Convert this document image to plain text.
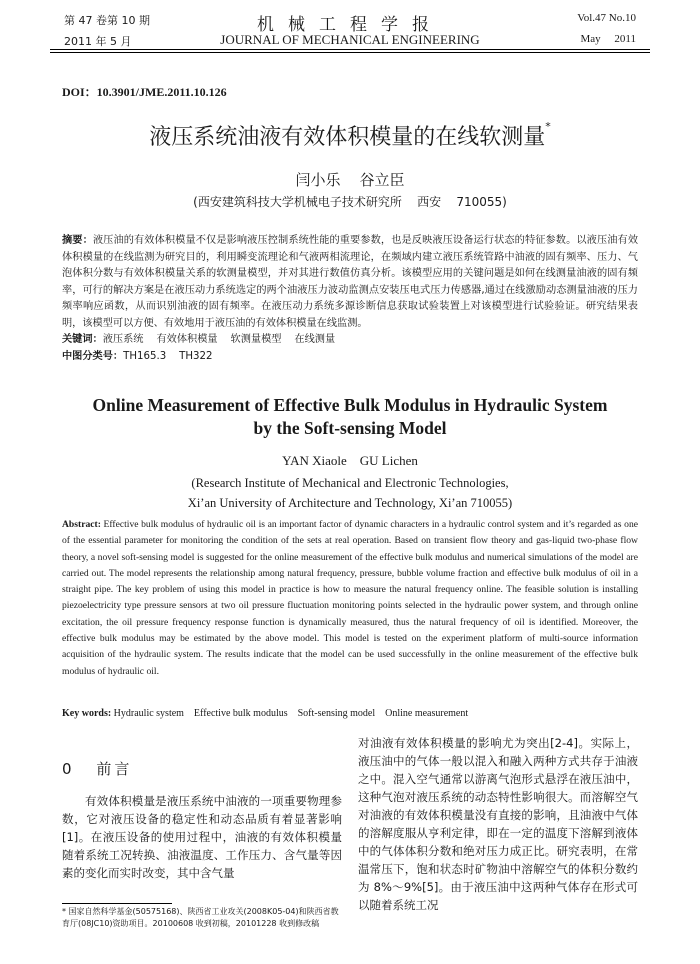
第 47 卷第 10 期
2011 年 5 月
机械工程学报
JOURNAL OF MECHANICAL ENGINEERING
Vol.47 No.10
May     2011
DOI：10.3901/JME.2011.10.126
液压系统油液有效体积模量的在线软测量*
闫小乐    谷立臣
(西安建筑科技大学机械电子技术研究所    西安    710055)
摘要：液压油的有效体积模量不仅是影响液压控制系统性能的重要参数，也是反映液压设备运行状态的特征参数。以液压油有效体积模量的在线监测为研究目的，利用瞬变流理论和气液两相流理论，在频域内建立液压系统管路中油液的固有频率、压力、气泡体积分数与有效体积模量关系的软测量模型，并对其进行数值仿真分析。该模型应用的关键问题是如何在线测量油液的固有频率，可行的解决方案是在液压动力系统选定的两个油液压力波动监测点安装压电式压力传感器,通过在线激励动态测量油液的压力频率响应函数，从而识别油液的固有频率。在液压动力系统多源诊断信息获取试验装置上对该模型进行试验验证。研究结果表明，该模型可以方便、有效地用于液压油的有效体积模量在线监测。
关键词：液压系统    有效体积模量    软测量模型    在线测量
中图分类号：TH165.3    TH322
Online Measurement of Effective Bulk Modulus in Hydraulic System
by the Soft-sensing Model
YAN Xiaole    GU Lichen
(Research Institute of Mechanical and Electronic Technologies,
Xi’an University of Architecture and Technology, Xi’an 710055)
Abstract: Effective bulk modulus of hydraulic oil is an important factor of dynamic characters in a hydraulic control system and it’s regarded as one of the essential parameter for monitoring the condition of the sets at real operation. Based on transient flow theory and gas-liquid two-phase flow theory, a novel soft-sensing model is suggested for the online measurement of the effective bulk modulus and numerical simulations of the model are carried out. The model represents the relationship among natural frequency, pressure, bubble volume fraction and effective bulk modulus of oil in a straight pipe. The key problem of using this model in practice is how to measure the natural frequency online. The feasible solution is installing piezoelectricity type pressure sensors at two oil pressure fluctuation monitoring points selected in the hydraulic power system, and through online excitation, the oil pressure frequency response function is dynamically measured, thus the natural frequency of oil is identified. Moreover, the effective bulk modulus may be estimated by the above model. This model is tested on the experiment platform of multi-source information acquisition of the hydraulic system. The results indicate that the model can be used successfully in the online measurement of the effective bulk modulus of hydraulic oil.
Key words: Hydraulic system    Effective bulk modulus    Soft-sensing model    Online measurement
0 前言
有效体积模量是液压系统中油液的一项重要物理参数，它对液压设备的稳定性和动态品质有着显著影响[1]。在液压设备的使用过程中，油液的有效体积模量随着系统工况转换、油液温度、工作压力、含气量等因素的变化而实时改变，其中含气量
对油液有效体积模量的影响尤为突出[2-4]。实际上，液压油中的气体一般以混入和融入两种方式共存于油液之中。混入空气通常以游离气泡形式悬浮在液压油中，这种气泡对液压系统的动态特性影响很大。而溶解空气对油液的有效体积模量没有直接的影响，且油液中气体的溶解度服从亨利定律，即在一定的温度下溶解到液体中的气体体积分数和绝对压力成正比。研究表明，在常温常压下，饱和状态时矿物油中溶解空气的体积分数约为 8%～9%[5]。由于液压油中这两种气体存在形式可以随着系统工况
* 国家自然科学基金(50575168)、陕西省工业攻关(2008K05-04)和陕西省教育厅(08JC10)资助项目。20100608 收到初稿，20101228 收到修改稿
